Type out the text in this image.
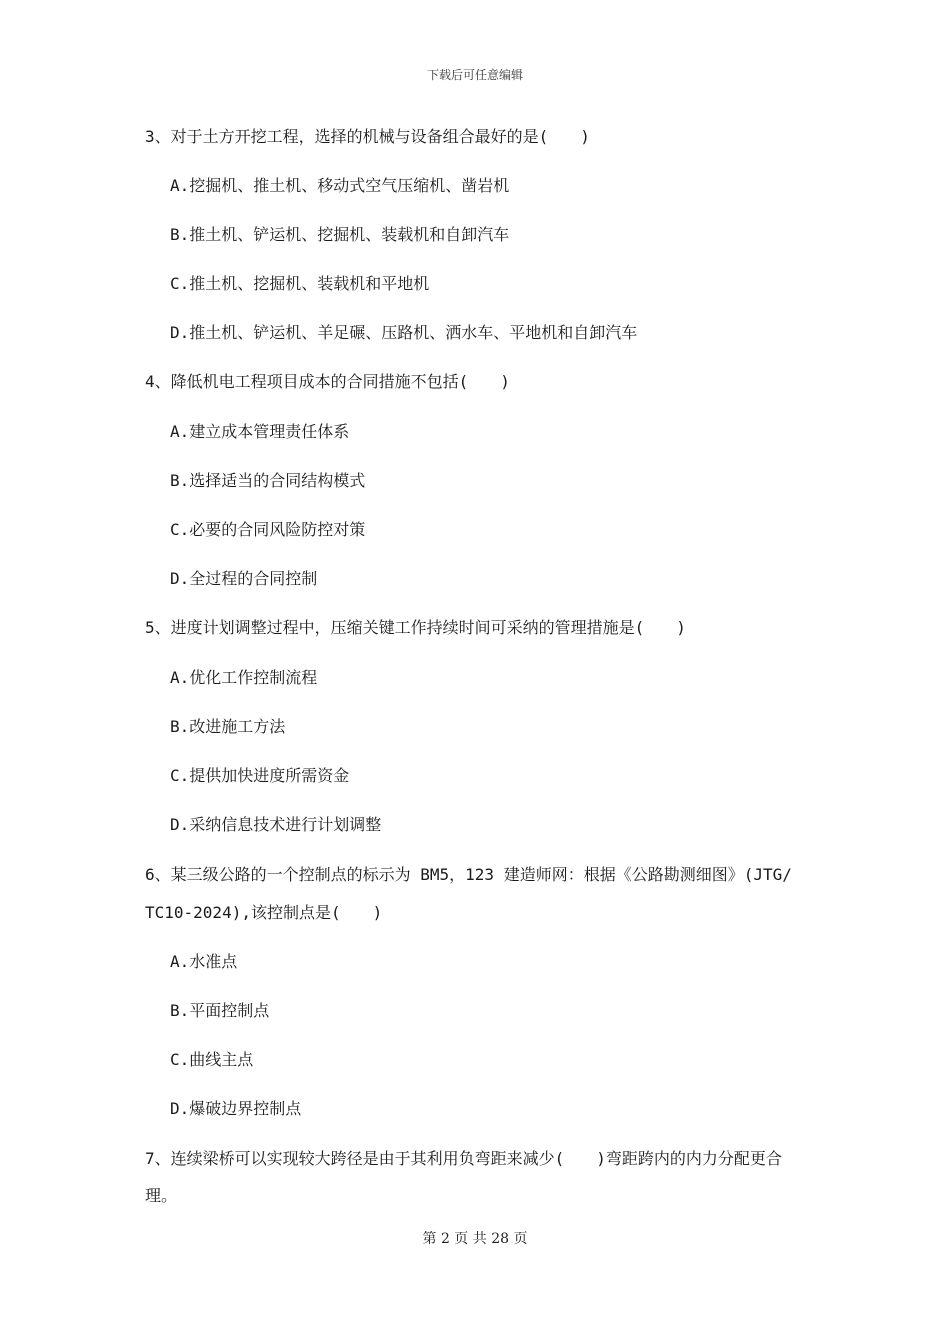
下载后可任意编辑
3、对于土方开挖工程，选择的机械与设备组合最好的是(　　)
A.挖掘机、推土机、移动式空气压缩机、凿岩机
B.推土机、铲运机、挖掘机、装载机和自卸汽车
C.推土机、挖掘机、装载机和平地机
D.推土机、铲运机、羊足碾、压路机、洒水车、平地机和自卸汽车
4、降低机电工程项目成本的合同措施不包括(　　)
A.建立成本管理责任体系
B.选择适当的合同结构模式
C.必要的合同风险防控对策
D.全过程的合同控制
5、进度计划调整过程中，压缩关键工作持续时间可采纳的管理措施是(　　)
A.优化工作控制流程
B.改进施工方法
C.提供加快进度所需资金
D.采纳信息技术进行计划调整
6、某三级公路的一个控制点的标示为 BM5，123 建造师网：根据《公路勘测细图》(JTG/
TC10-2024),该控制点是(　　)
A.水准点
B.平面控制点
C.曲线主点
D.爆破边界控制点
7、连续梁桥可以实现较大跨径是由于其利用负弯距来减少(　　)弯距跨内的内力分配更合
理。
第 2 页 共 28 页
